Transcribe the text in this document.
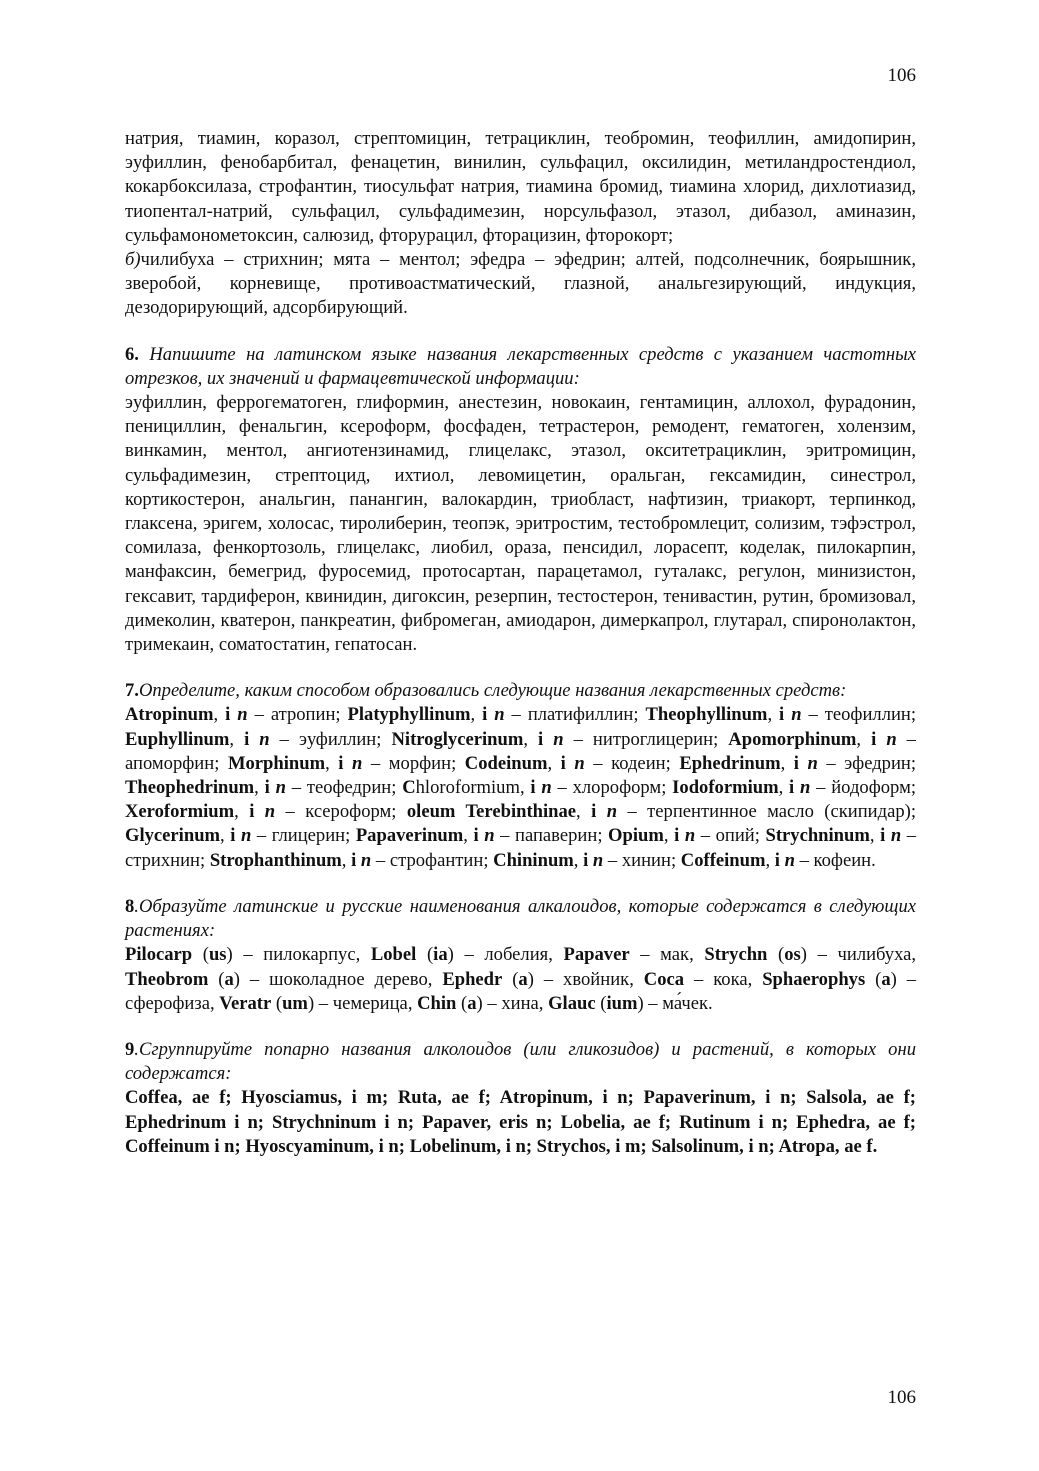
106

натрия, тиамин, коразол, стрептомицин, тетрациклин, теобромин, теофиллин, амидопирин, эуфиллин, фенобарбитал, фенацетин, винилин, сульфацил, оксилидин, метиландростендиол, кокарбоксилаза, строфантин, тиосульфат натрия, тиамина бромид, тиамина хлорид, дихлотиазид, тиопентал-натрий, сульфацил, сульфадимезин, норсульфазол, этазол, дибазол, аминазин, сульфамонометоксин, салюзид, фторурацил, фторацизин, фторокорт;
б)чилибуха – стрихнин; мята – ментол; эфедра – эфедрин; алтей, подсолнечник, боярышник, зверобой, корневище, противоастматический, глазной, анальгезирующий, индукция, дезодорирующий, адсорбирующий.

6. Напишите на латинском языке названия лекарственных средств с указанием частотных отрезков, их значений и фармацевтической информации:
эуфиллин, феррогематоген, глиформин, анестезин, новокаин, гентамицин, аллохол, фурадонин, пенициллин, фенальгин, ксероформ, фосфаден, тетрастерон, ремодент, гематоген, холензим, винкамин, ментол, ангиотензинамид, глицелакс, этазол, окситетрациклин, эритромицин, сульфадимезин, стрептоцид, ихтиол, левомицетин, оральган, гексамидин, синестрол, кортикостерон, анальгин, панангин, валокардин, триобласт, нафтизин, триакорт, терпинкод, глаксена, эригем, холосас, тиролиберин, теопэк, эритростим, тестобромлецит, солизим, тэфэстрол, сомилаза, фенкортозоль, глицелакс, лиобил, ораза, пенсидил, лорасепт, коделак, пилокарпин, манфаксин, бемегрид, фуросемид, протосартан, парацетамол, гуталакс, регулон, минизистон, гексавит, тардиферон, квинидин, дигоксин, резерпин, тестостерон, тенивастин, рутин, бромизовал, димеколин, кватерон, панкреатин, фибромеган, амиодарон, димеркапрол, глутарал, спиронолактон, тримекаин, соматостатин, гепатосан.

7.Определите, каким способом образовались следующие названия лекарственных средств:
Atropinum, i n – атропин; Platyphyllinum, i n – платифиллин; Theophyllinum, i n – теофиллин; Euphyllinum, i n – эуфиллин; Nitroglycerinum, i n – нитроглицерин; Apomorphinum, i n – апоморфин; Morphinum, i n – морфин; Codeinum, i n – кодеин; Ephedrinum, i n – эфедрин; Theophedrinum, i n – теофедрин; Chloroformium, i n – хлороформ; Iodoformium, i n – йодоформ; Xeroformium, i n – ксероформ; oleum Terebinthinae, i n – терпентинное масло (скипидар); Glycerinum, i n – глицерин; Papaverinum, i n – папаверин; Opium, i n – опий; Strychninum, i n – стрихнин; Strophanthinum, i n – строфантин; Chininum, i n – хинин; Coffeinum, i n – кофеин.

8.Образуйте латинские и русские наименования алкалоидов, которые содержатся в следующих растениях:
Pilocarp (us) – пилокарпус, Lobel (ia) – лобелия, Papaver – мак, Strychn (os) – чилибуха, Theobrom (a) – шоколадное дерево, Ephedr (a) – хвойник, Coca – кока, Sphaerophys (a) – сферофиза, Veratr (um) – чемерица, Chin (a) – хина, Glauc (ium) – ма́чек.

9.Сгруппируйте попарно названия алколоидов (или гликозидов) и растений, в которых они содержатся:
Coffea, ae f; Hyosciamus, i m; Ruta, ae f; Atropinum, i n; Papaverinum, i n; Salsola, ae f; Ephedrinum i n; Strychninum i n; Papaver, eris n; Lobelia, ae f; Rutinum i n; Ephedra, ae f; Coffeinum i n; Hyoscyaminum, i n; Lobelinum, i n; Strychos, i m; Salsolinum, i n; Atropa, ae f.

106
